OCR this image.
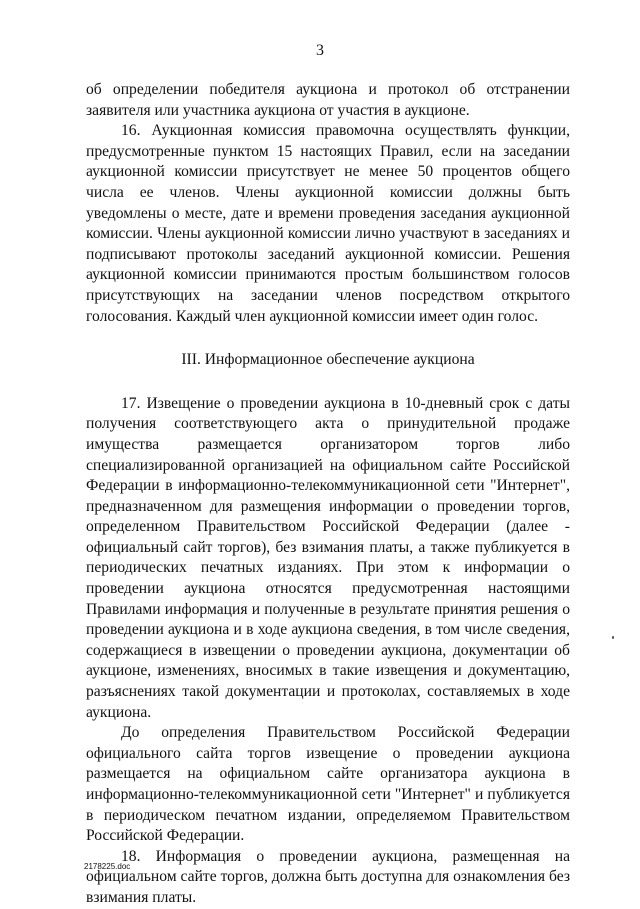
3

об определении победителя аукциона и протокол об отстранении заявителя или участника аукциона от участия в аукционе.

16. Аукционная комиссия правомочна осуществлять функции, предусмотренные пунктом 15 настоящих Правил, если на заседании аукционной комиссии присутствует не менее 50 процентов общего числа ее членов. Члены аукционной комиссии должны быть уведомлены о месте, дате и времени проведения заседания аукционной комиссии. Члены аукционной комиссии лично участвуют в заседаниях и подписывают протоколы заседаний аукционной комиссии. Решения аукционной комиссии принимаются простым большинством голосов присутствующих на заседании членов посредством открытого голосования. Каждый член аукционной комиссии имеет один голос.

III. Информационное обеспечение аукциона

17. Извещение о проведении аукциона в 10-дневный срок с даты получения соответствующего акта о принудительной продаже имущества размещается организатором торгов либо специализированной организацией на официальном сайте Российской Федерации в информационно-телекоммуникационной сети "Интернет", предназначенном для размещения информации о проведении торгов, определенном Правительством Российской Федерации (далее - официальный сайт торгов), без взимания платы, а также публикуется в периодических печатных изданиях. При этом к информации о проведении аукциона относятся предусмотренная настоящими Правилами информация и полученные в результате принятия решения о проведении аукциона и в ходе аукциона сведения, в том числе сведения, содержащиеся в извещении о проведении аукциона, документации об аукционе, изменениях, вносимых в такие извещения и документацию, разъяснениях такой документации и протоколах, составляемых в ходе аукциона.

До определения Правительством Российской Федерации официального сайта торгов извещение о проведении аукциона размещается на официальном сайте организатора аукциона в информационно-телекоммуникационной сети "Интернет" и публикуется в периодическом печатном издании, определяемом Правительством Российской Федерации.

18. Информация о проведении аукциона, размещенная на официальном сайте торгов, должна быть доступна для ознакомления без взимания платы.

2178225.doc
